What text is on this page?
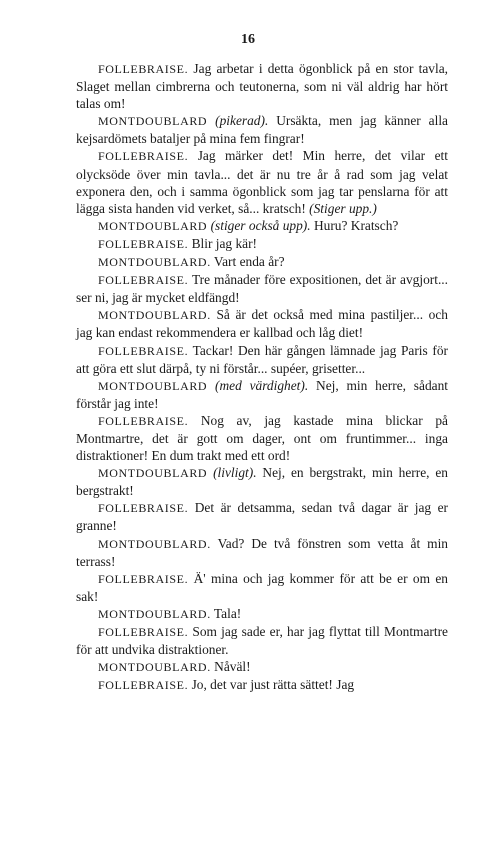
16

FOLLEBRAISE. Jag arbetar i detta ögonblick på en stor tavla, Slaget mellan cimbrerna och teutonerna, som ni väl aldrig har hört talas om!

MONTDOUBLARD (pikerad). Ursäkta, men jag känner alla kejsardömets bataljer på mina fem fingrar!

FOLLEBRAISE. Jag märker det! Min herre, det vilar ett olycksöde över min tavla... det är nu tre år å rad som jag velat exponera den, och i samma ögonblick som jag tar penslarna för att lägga sista handen vid verket, så... kratsch! (Stiger upp.)

MONTDOUBLARD (stiger också upp). Huru? Kratsch?

FOLLEBRAISE. Blir jag kär!

MONTDOUBLARD. Vart enda år?

FOLLEBRAISE. Tre månader före expositionen, det är avgjort... ser ni, jag är mycket eldfängd!

MONTDOUBLARD. Så är det också med mina pastiljer... och jag kan endast rekommendera er kallbad och låg diet!

FOLLEBRAISE. Tackar! Den här gången lämnade jag Paris för att göra ett slut därpå, ty ni förstår... supéer, grisetter...

MONTDOUBLARD (med värdighet). Nej, min herre, sådant förstår jag inte!

FOLLEBRAISE. Nog av, jag kastade mina blickar på Montmartre, det är gott om dager, ont om fruntimmer... inga distraktioner! En dum trakt med ett ord!

MONTDOUBLARD (livligt). Nej, en bergstrakt, min herre, en bergstrakt!

FOLLEBRAISE. Det är detsamma, sedan två dagar är jag er granne!

MONTDOUBLARD. Vad? De två fönstren som vetta åt min terrass!

FOLLEBRAISE. Ä' mina och jag kommer för att be er om en sak!

MONTDOUBLARD. Tala!

FOLLEBRAISE. Som jag sade er, har jag flyttat till Montmartre för att undvika distraktioner.

MONTDOUBLARD. Nåväl!

FOLLEBRAISE. Jo, det var just rätta sättet! Jag
